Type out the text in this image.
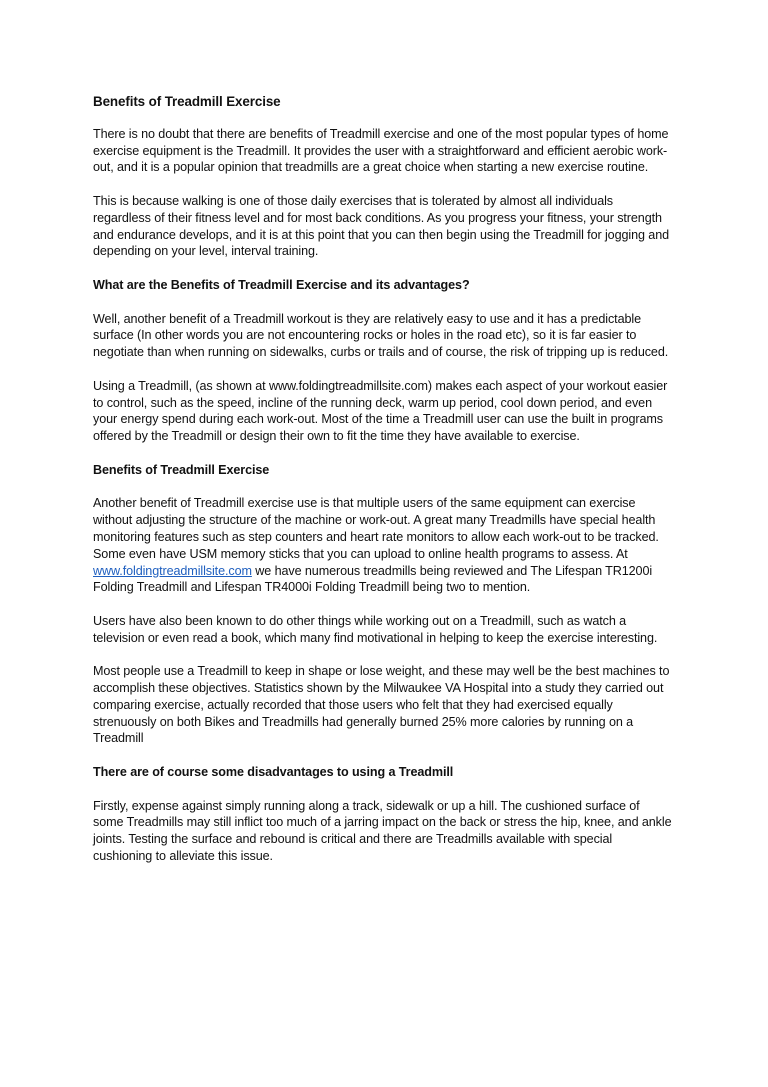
Benefits of Treadmill Exercise

There is no doubt that there are benefits of Treadmill exercise and one of the most popular types of home exercise equipment is the Treadmill. It provides the user with a straightforward and efficient aerobic work-out, and it is a popular opinion that treadmills are a great choice when starting a new exercise routine.

This is because walking is one of those daily exercises that is tolerated by almost all individuals regardless of their fitness level and for most back conditions. As you progress your fitness, your strength and endurance develops, and it is at this point that you can then begin using the Treadmill for jogging and depending on your level, interval training.

What are the Benefits of Treadmill Exercise and its advantages?

Well, another benefit of a Treadmill workout is they are relatively easy to use and it has a predictable surface (In other words you are not encountering rocks or holes in the road etc), so it is far easier to negotiate than when running on sidewalks, curbs or trails and of course, the risk of tripping up is reduced.

Using a Treadmill, (as shown at www.foldingtreadmillsite.com) makes each aspect of your workout easier to control, such as the speed, incline of the running deck, warm up period, cool down period, and even your energy spend during each work-out. Most of the time a Treadmill user can use the built in programs offered by the Treadmill or design their own to fit the time they have available to exercise.

Benefits of Treadmill Exercise

Another benefit of Treadmill exercise use is that multiple users of the same equipment can exercise without adjusting the structure of the machine or work-out. A great many Treadmills have special health monitoring features such as step counters and heart rate monitors to allow each work-out to be tracked. Some even have USM memory sticks that you can upload to online health programs to assess. At www.foldingtreadmillsite.com we have numerous treadmills being reviewed and The Lifespan TR1200i Folding Treadmill and Lifespan TR4000i Folding Treadmill being two to mention.

Users have also been known to do other things while working out on a Treadmill, such as watch a television or even read a book, which many find motivational in helping to keep the exercise interesting.

Most people use a Treadmill to keep in shape or lose weight, and these may well be the best machines to accomplish these objectives. Statistics shown by the Milwaukee VA Hospital into a study they carried out comparing exercise, actually recorded that those users who felt that they had exercised equally strenuously on both Bikes and Treadmills had generally burned 25% more calories by running on a Treadmill

There are of course some disadvantages to using a Treadmill

Firstly, expense against simply running along a track, sidewalk or up a hill. The cushioned surface of some Treadmills may still inflict too much of a jarring impact on the back or stress the hip, knee, and ankle joints. Testing the surface and rebound is critical and there are Treadmills available with special cushioning to alleviate this issue.
